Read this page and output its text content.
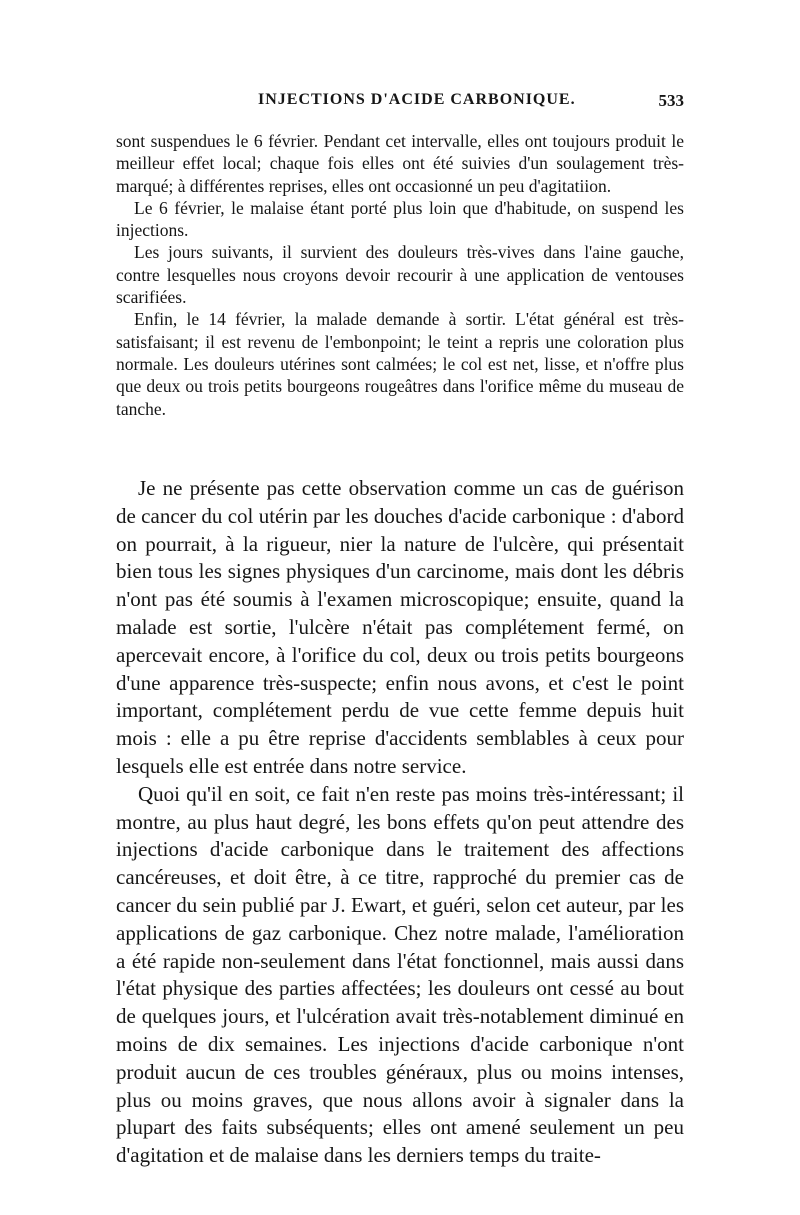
INJECTIONS D'ACIDE CARBONIQUE.	533

sont suspendues le 6 février. Pendant cet intervalle, elles ont toujours produit le meilleur effet local; chaque fois elles ont été suivies d'un soulagement très-marqué; à différentes reprises, elles ont occasionné un peu d'agitatiion.

Le 6 février, le malaise étant porté plus loin que d'habitude, on suspend les injections.

Les jours suivants, il survient des douleurs très-vives dans l'aine gauche, contre lesquelles nous croyons devoir recourir à une application de ventouses scarifiées.

Enfin, le 14 février, la malade demande à sortir. L'état général est très-satisfaisant; il est revenu de l'embonpoint; le teint a repris une coloration plus normale. Les douleurs utérines sont calmées; le col est net, lisse, et n'offre plus que deux ou trois petits bourgeons rougeâtres dans l'orifice même du museau de tanche.

Je ne présente pas cette observation comme un cas de guérison de cancer du col utérin par les douches d'acide carbonique : d'abord on pourrait, à la rigueur, nier la nature de l'ulcère, qui présentait bien tous les signes physiques d'un carcinome, mais dont les débris n'ont pas été soumis à l'examen microscopique; ensuite, quand la malade est sortie, l'ulcère n'était pas complétement fermé, on apercevait encore, à l'orifice du col, deux ou trois petits bourgeons d'une apparence très-suspecte; enfin nous avons, et c'est le point important, complétement perdu de vue cette femme depuis huit mois : elle a pu être reprise d'accidents semblables à ceux pour lesquels elle est entrée dans notre service.

Quoi qu'il en soit, ce fait n'en reste pas moins très-intéressant; il montre, au plus haut degré, les bons effets qu'on peut attendre des injections d'acide carbonique dans le traitement des affections cancéreuses, et doit être, à ce titre, rapproché du premier cas de cancer du sein publié par J. Ewart, et guéri, selon cet auteur, par les applications de gaz carbonique. Chez notre malade, l'amélioration a été rapide non-seulement dans l'état fonctionnel, mais aussi dans l'état physique des parties affectées; les douleurs ont cessé au bout de quelques jours, et l'ulcération avait très-notablement diminué en moins de dix semaines. Les injections d'acide carbonique n'ont produit aucun de ces troubles généraux, plus ou moins intenses, plus ou moins graves, que nous allons avoir à signaler dans la plupart des faits subséquents; elles ont amené seulement un peu d'agitation et de malaise dans les derniers temps du traite-
